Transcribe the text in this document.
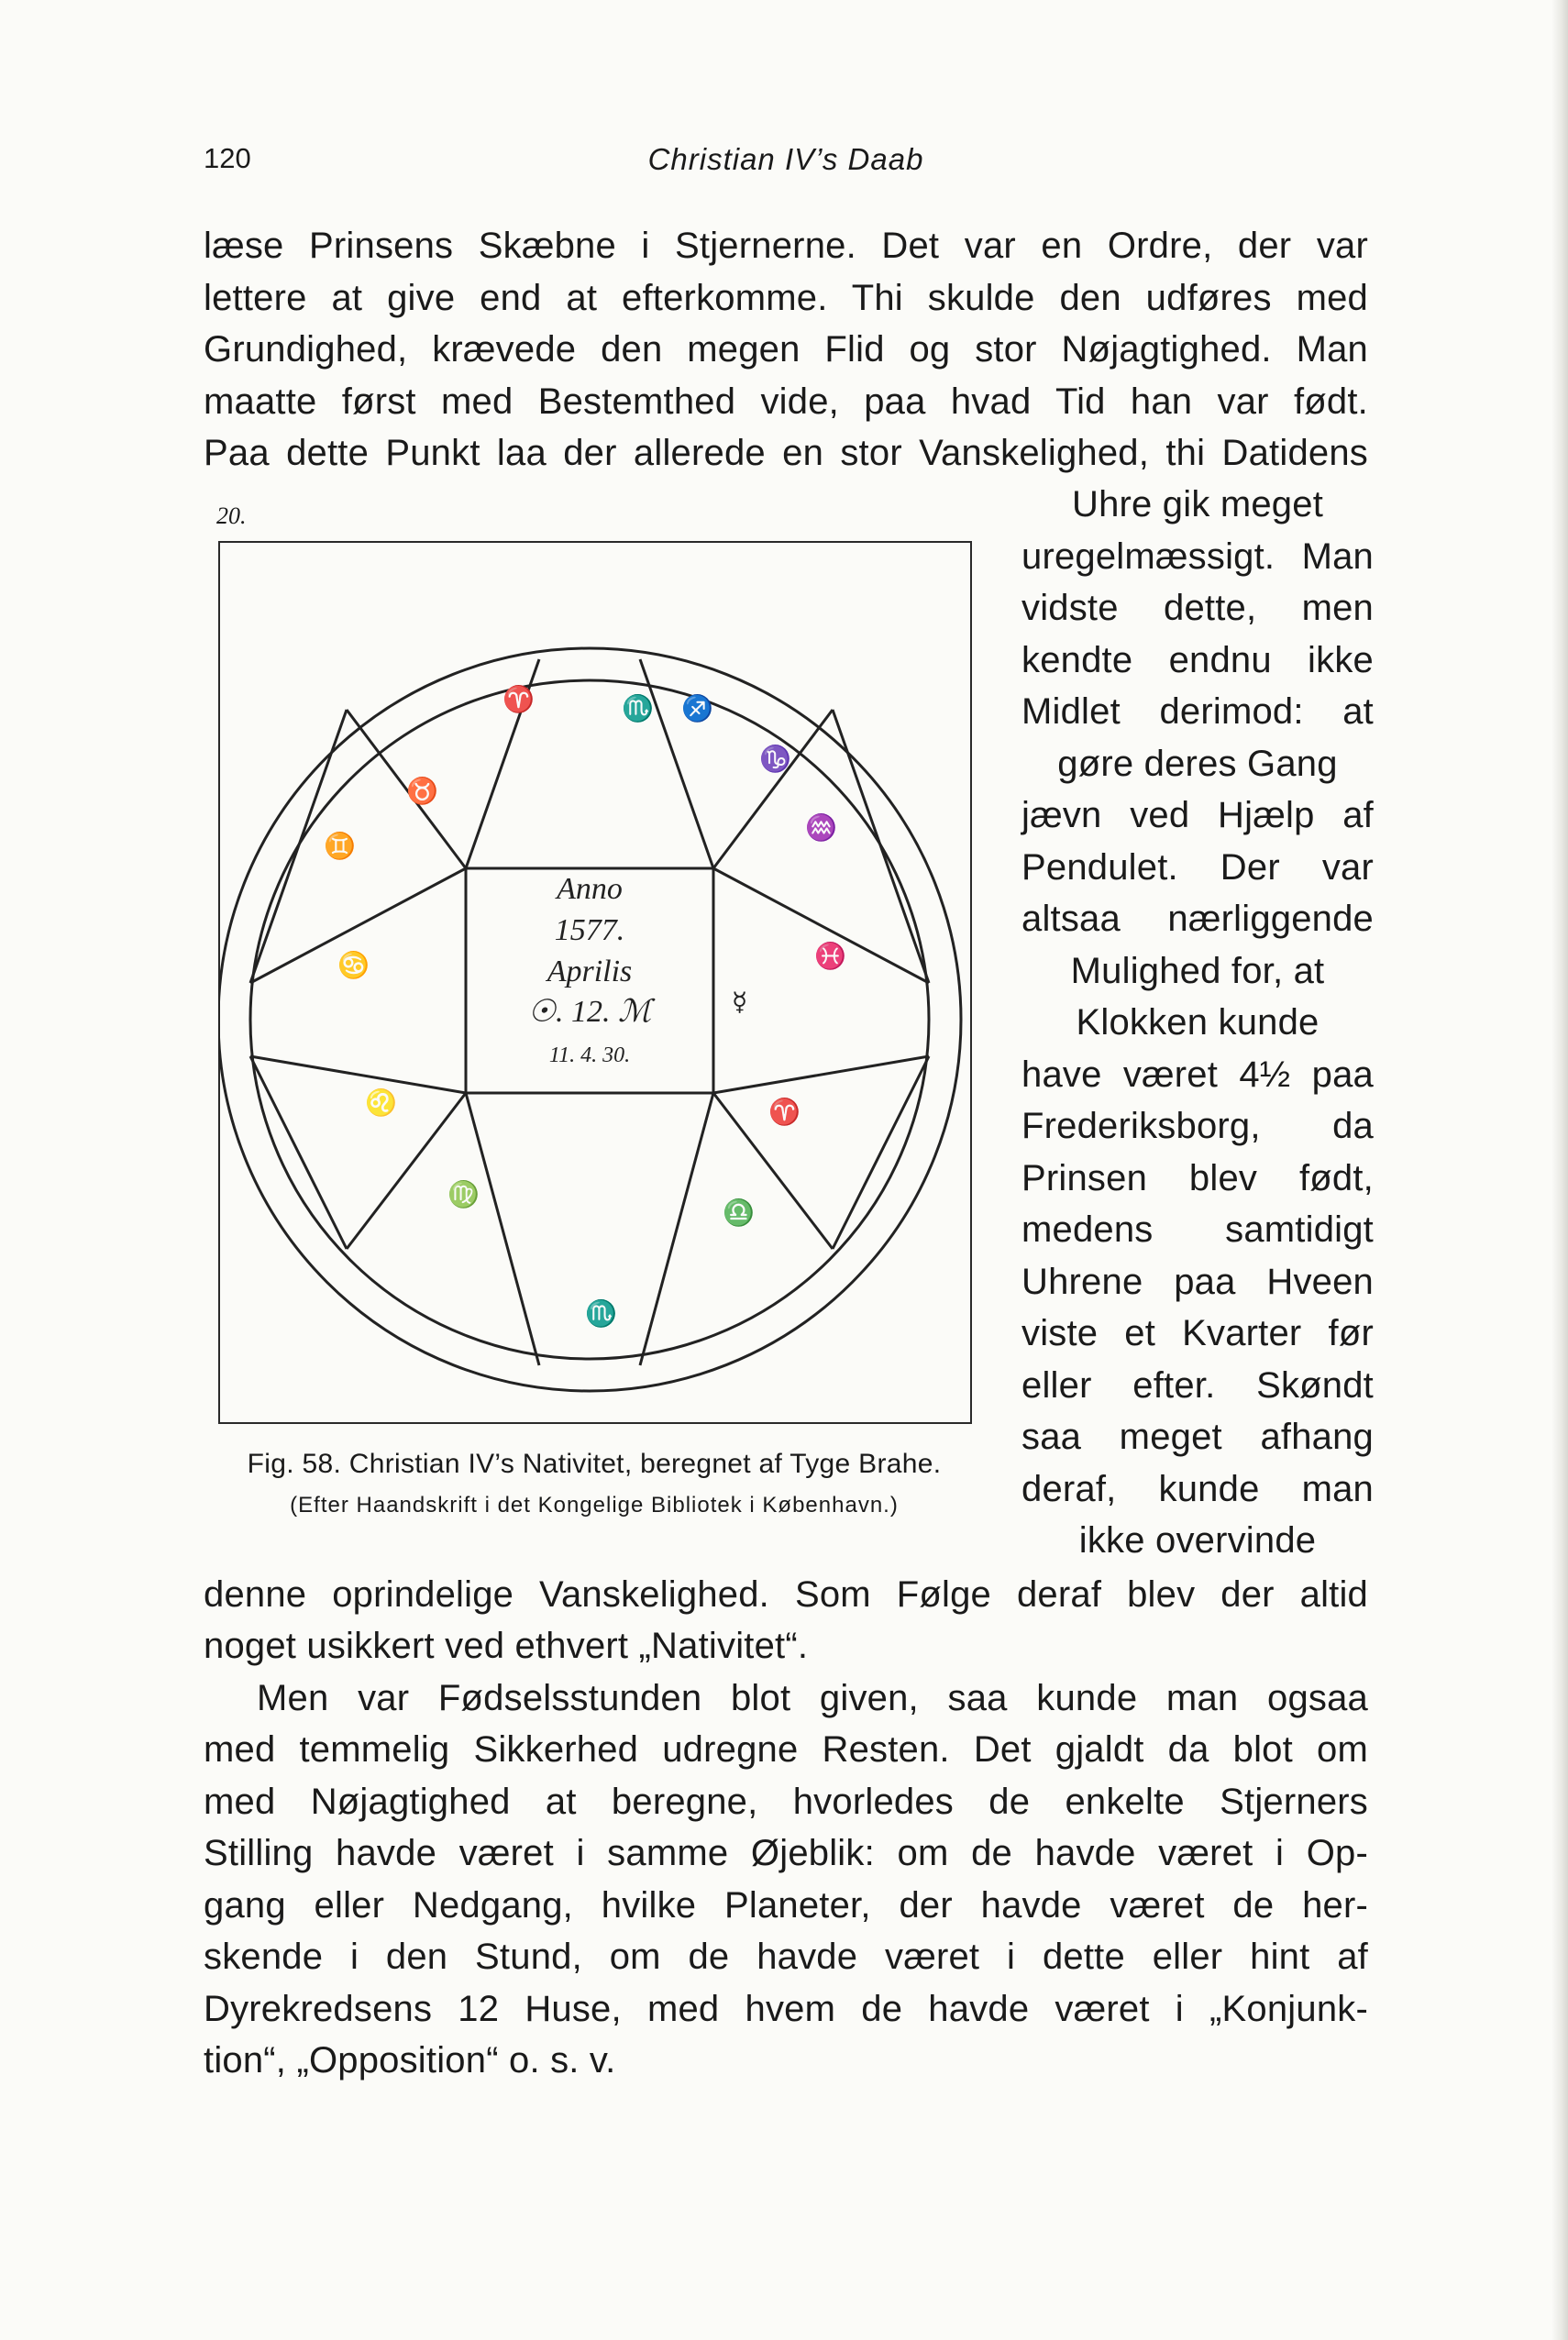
120	Christian IV’s Daab
læse Prinsens Skæbne i Stjernerne. Det var en Ordre, der var
lettere at give end at efterkomme. Thi skulde den udføres med
Grundighed, krævede den megen Flid og stor Nøjagtighed. Man
maatte først med Bestemthed vide, paa hvad Tid han var født.
Paa dette Punkt laa der allerede en stor Vanskelighed, thi Datidens
Uhre gik meget
uregelmæssigt. Man
vidste dette, men
kendte endnu ikke
Midlet derimod: at
gøre deres Gang
jævn ved Hjælp af
Pendulet. Der var
altsaa nærliggende
Mulighed for, at
Klokken kunde
have været 4½ paa
Frederiksborg, da
Prinsen blev født,
medens samtidigt
Uhrene paa Hveen
viste et Kvarter før
eller efter. Skøndt
saa meget afhang
deraf, kunde man
ikke overvinde
denne oprindelige Vanskelighed. Som Følge deraf blev der altid
noget usikkert ved ethvert „Nativitet“.
Men var Fødselsstunden blot given, saa kunde man ogsaa
med temmelig Sikkerhed udregne Resten. Det gjaldt da blot om
med Nøjagtighed at beregne, hvorledes de enkelte Stjerners
Stilling havde været i samme Øjeblik: om de havde været i Op-
gang eller Nedgang, hvilke Planeter, der havde været de her-
skende i den Stund, om de havde været i dette eller hint af
Dyrekredsens 12 Huse, med hvem de havde været i „Konjunk-
tion“, „Opposition“ o. s. v.
20.
Anno
1577.
Aprilis
☉. 12. ℳ
11. 4. 30.
♈	♏ ♐
♉
♑
♊
♒
♋	♓
♌	♈
♍
♎
♏
☿
Fig. 58. Christian IV’s Nativitet, beregnet af Tyge Brahe.
(Efter Haandskrift i det Kongelige Bibliotek i København.)
